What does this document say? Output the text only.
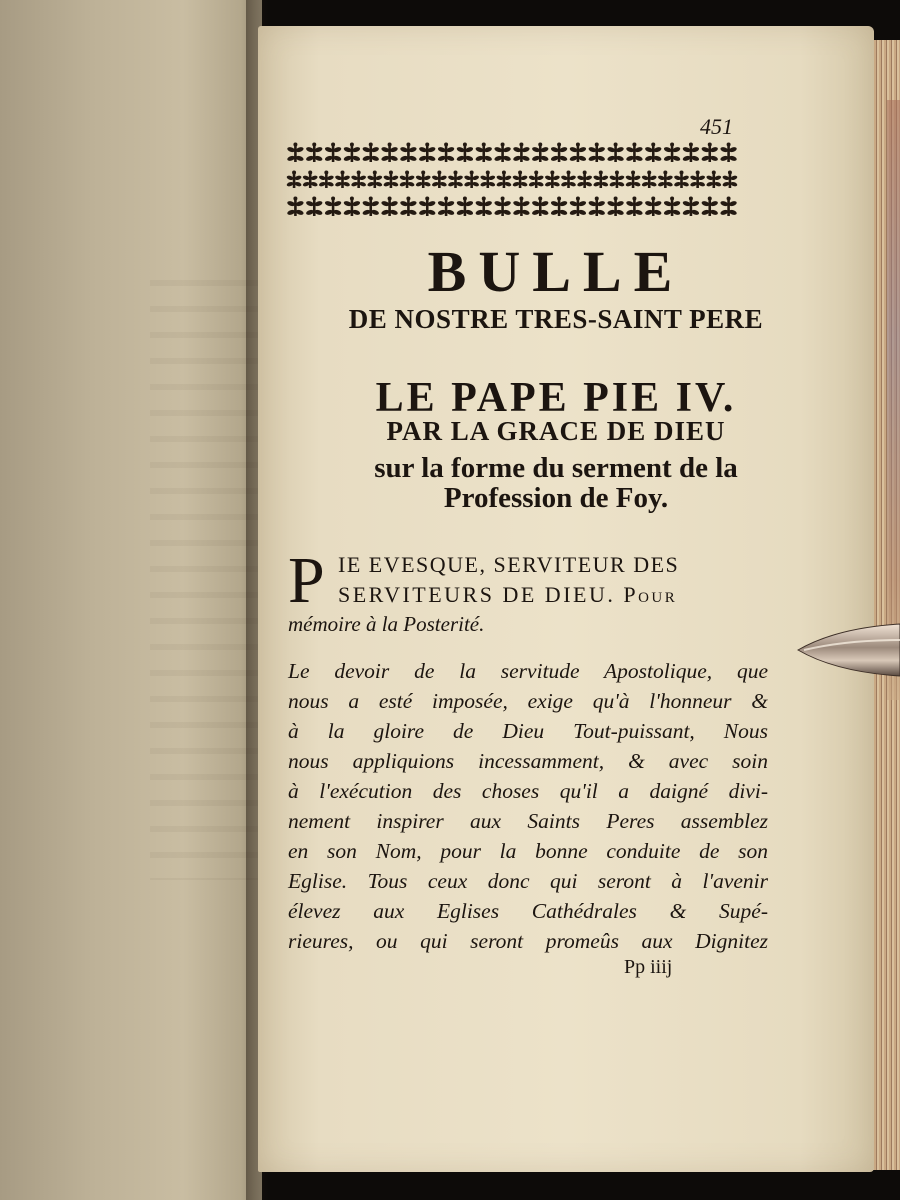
451

BULLE
DE NOSTRE TRES-SAINT PERE
LE PAPE PIE IV.
PAR LA GRACE DE DIEU
sur la forme du serment de la
Profession de Foy.

P IE EVESQUE, SERVITEUR DES

SERVITEURS DE DIEU. Pour

mémoire à la Posterité.

Le devoir de la servitude Apostolique, que
nous a esté imposée, exige qu'à l'honneur &
à la gloire de Dieu Tout-puissant, Nous
nous appliquions incessamment, & avec soin
à l'exécution des choses qu'il a daigné divi-
nement inspirer aux Saints Peres assemblez
en son Nom, pour la bonne conduite de son
Eglise. Tous ceux donc qui seront à l'avenir
élevez aux Eglises Cathédrales & Supé-
rieures, ou qui seront promeûs aux Dignitez

Pp iiij
